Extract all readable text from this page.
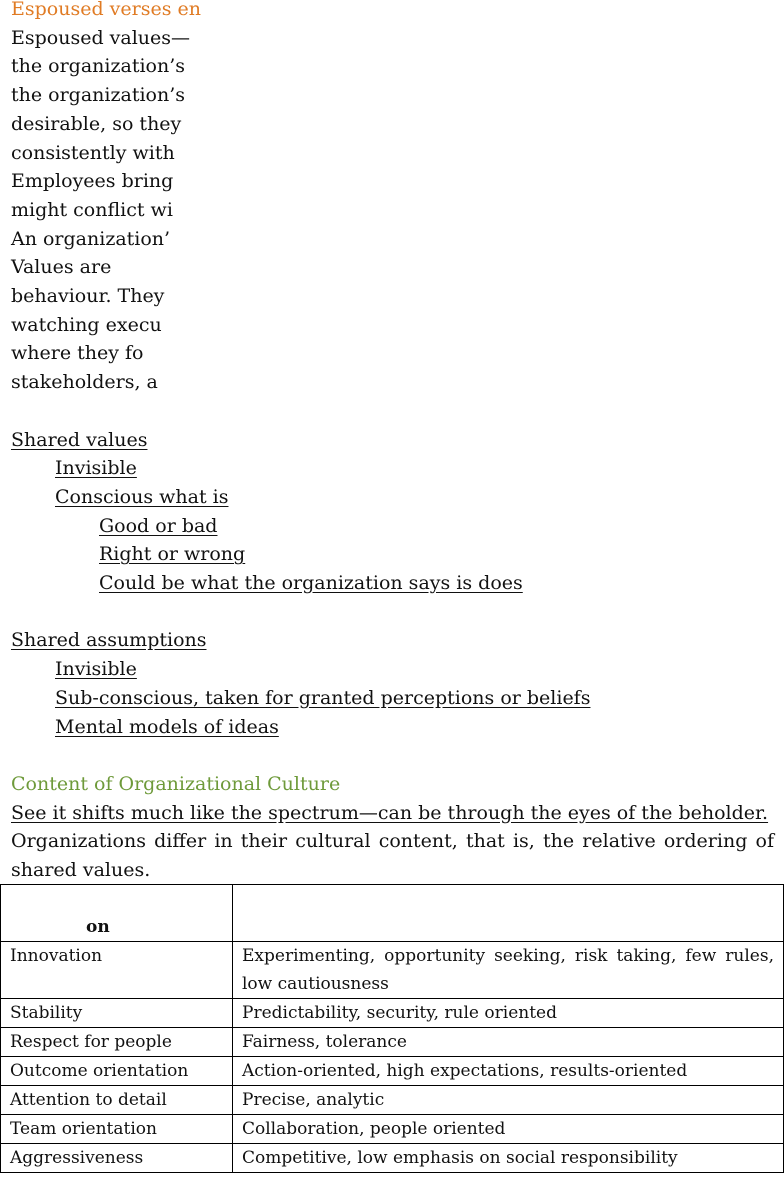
Espoused verses en
Espoused values—
the organization’s
the organization’s
desirable, so they
consistently with
Employees bring
might conflict wi
An organization’
Values are
behaviour. They
watching execu
where they fo
stakeholders, a
Shared values
Invisible
Conscious what is
Good or bad
Right or wrong
Could be what the organization says is does
Shared assumptions
Invisible
Sub-conscious, taken for granted perceptions or beliefs
Mental models of ideas
Content of Organizational Culture
See it shifts much like the spectrum—can be through the eyes of the beholder.
Organizations differ in their cultural content, that is, the relative ordering of
shared values.
on	

Innovation	Experimenting, opportunity seeking, risk taking, few rules,
low cautiousness

Stability	Predictability, security, rule oriented
Respect for people	Fairness, tolerance
Outcome orientation	Action-oriented, high expectations, results-oriented
Attention to detail	Precise, analytic
Team orientation	Collaboration, people oriented
Aggressiveness	Competitive, low emphasis on social responsibility
